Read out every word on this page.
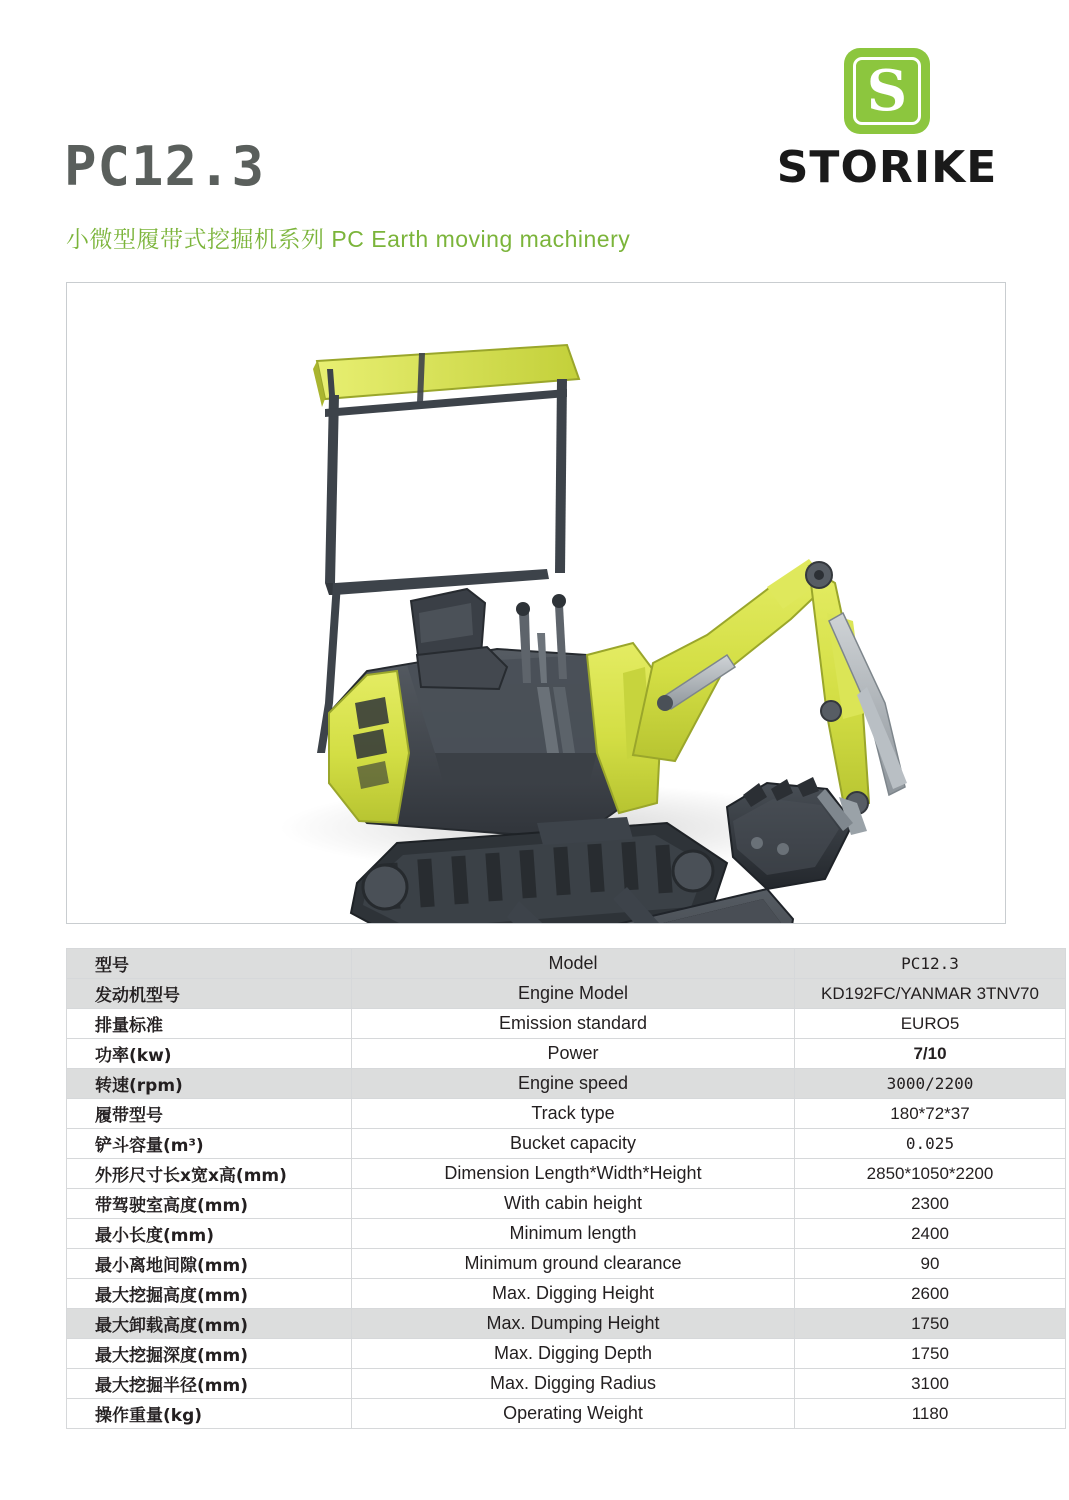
S
STORIKE
PC12.3
小微型履带式挖掘机系列 PC Earth moving machinery
型号	Model	PC12.3
发动机型号	Engine Model	KD192FC/YANMAR 3TNV70
排量标准	Emission standard	EURO5
功率(kw)	Power	7/10
转速(rpm)	Engine speed	3000/2200
履带型号	Track type	180*72*37
铲斗容量(m³)	Bucket capacity	0.025
外形尺寸长x宽x高(mm)	Dimension Length*Width*Height	2850*1050*2200
带驾驶室高度(mm)	With cabin height	2300
最小长度(mm)	Minimum length	2400
最小离地间隙(mm)	Minimum ground clearance	90
最大挖掘高度(mm)	Max. Digging Height	2600
最大卸载高度(mm)	Max. Dumping Height	1750
最大挖掘深度(mm)	Max. Digging Depth	1750
最大挖掘半径(mm)	Max. Digging Radius	3100
操作重量(kg)	Operating Weight	1180
